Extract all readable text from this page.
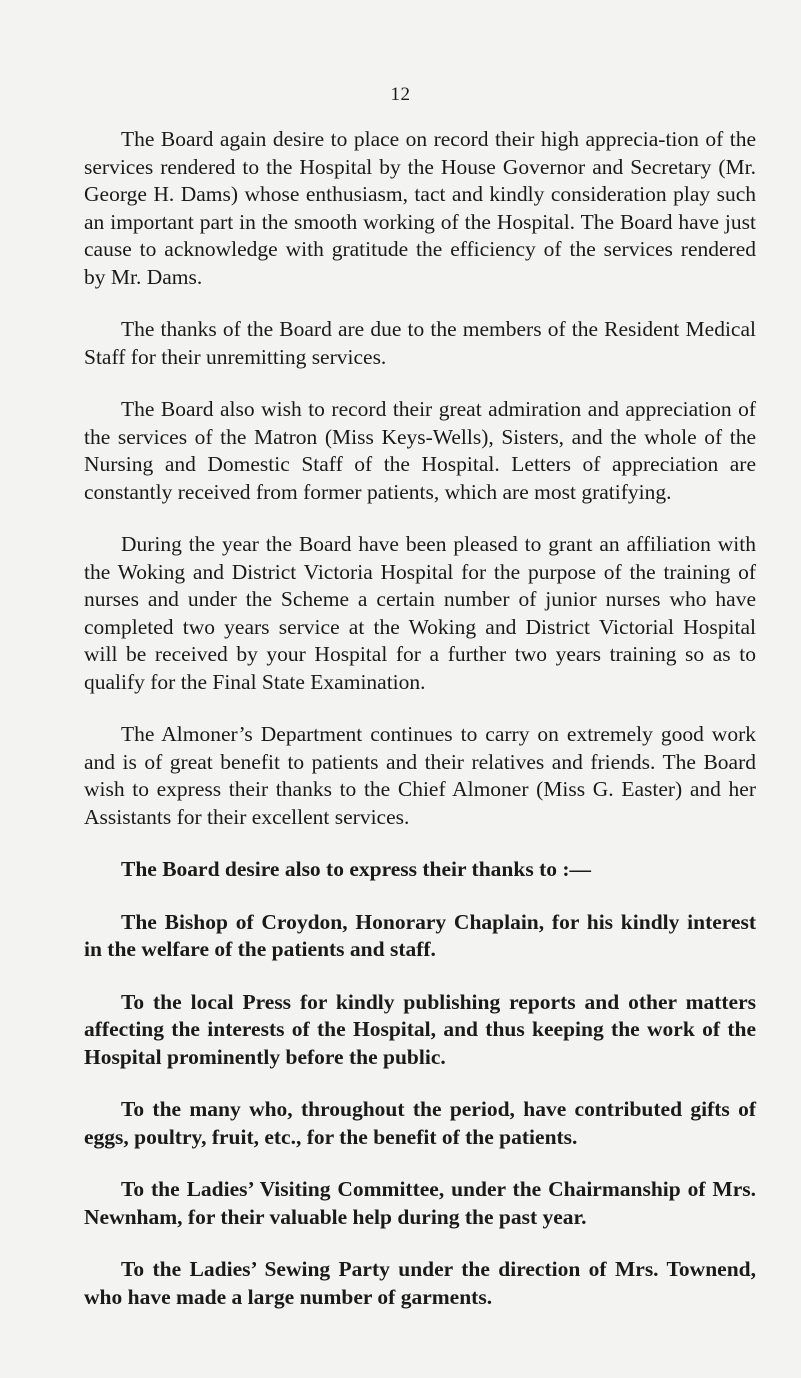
12

The Board again desire to place on record their high apprecia-tion of the services rendered to the Hospital by the House Governor and Secretary (Mr. George H. Dams) whose enthusiasm, tact and kindly consideration play such an important part in the smooth working of the Hospital. The Board have just cause to acknowledge with gratitude the efficiency of the services rendered by Mr. Dams.

The thanks of the Board are due to the members of the Resident Medical Staff for their unremitting services.

The Board also wish to record their great admiration and appreciation of the services of the Matron (Miss Keys-Wells), Sisters, and the whole of the Nursing and Domestic Staff of the Hospital. Letters of appreciation are constantly received from former patients, which are most gratifying.

During the year the Board have been pleased to grant an affiliation with the Woking and District Victoria Hospital for the purpose of the training of nurses and under the Scheme a certain number of junior nurses who have completed two years service at the Woking and District Victorial Hospital will be received by your Hospital for a further two years training so as to qualify for the Final State Examination.

The Almoner’s Department continues to carry on extremely good work and is of great benefit to patients and their relatives and friends. The Board wish to express their thanks to the Chief Almoner (Miss G. Easter) and her Assistants for their excellent services.

The Board desire also to express their thanks to :—

The Bishop of Croydon, Honorary Chaplain, for his kindly interest in the welfare of the patients and staff.

To the local Press for kindly publishing reports and other matters affecting the interests of the Hospital, and thus keeping the work of the Hospital prominently before the public.

To the many who, throughout the period, have contributed gifts of eggs, poultry, fruit, etc., for the benefit of the patients.

To the Ladies’ Visiting Committee, under the Chairmanship of Mrs. Newnham, for their valuable help during the past year.

To the Ladies’ Sewing Party under the direction of Mrs. Townend, who have made a large number of garments.
